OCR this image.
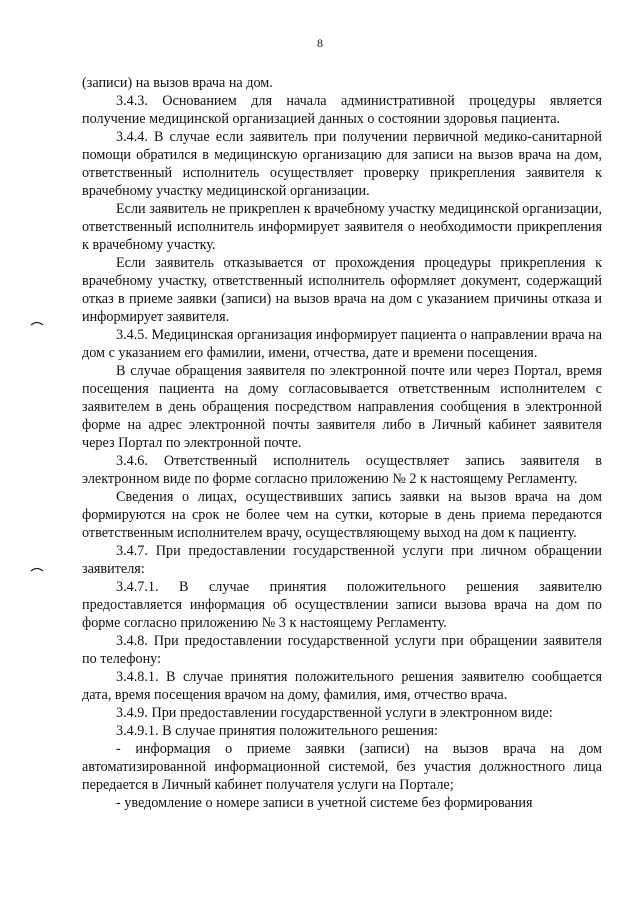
8

(записи) на вызов врача на дом.

3.4.3. Основанием для начала административной процедуры является получение медицинской организацией данных о состоянии здоровья пациента.

3.4.4. В случае если заявитель при получении первичной медико-санитарной помощи обратился в медицинскую организацию для записи на вызов врача на дом, ответственный исполнитель осуществляет проверку прикрепления заявителя к врачебному участку медицинской организации.

Если заявитель не прикреплен к врачебному участку медицинской организации, ответственный исполнитель информирует заявителя о необходимости прикрепления к врачебному участку.

Если заявитель отказывается от прохождения процедуры прикрепления к врачебному участку, ответственный исполнитель оформляет документ, содержащий отказ в приеме заявки (записи) на вызов врача на дом с указанием причины отказа и информирует заявителя.

3.4.5. Медицинская организация информирует пациента о направлении врача на дом с указанием его фамилии, имени, отчества, дате и времени посещения.

В случае обращения заявителя по электронной почте или через Портал, время посещения пациента на дому согласовывается ответственным исполнителем с заявителем в день обращения посредством направления сообщения в электронной форме на адрес электронной почты заявителя либо в Личный кабинет заявителя через Портал по электронной почте.

3.4.6. Ответственный исполнитель осуществляет запись заявителя в электронном виде по форме согласно приложению № 2 к настоящему Регламенту.

Сведения о лицах, осуществивших запись заявки на вызов врача на дом формируются на срок не более чем на сутки, которые в день приема передаются ответственным исполнителем врачу, осуществляющему выход на дом к пациенту.

3.4.7. При предоставлении государственной услуги при личном обращении заявителя:

3.4.7.1. В случае принятия положительного решения заявителю предоставляется информация об осуществлении записи вызова врача на дом по форме согласно приложению № 3 к настоящему Регламенту.

3.4.8. При предоставлении государственной услуги при обращении заявителя по телефону:

3.4.8.1. В случае принятия положительного решения заявителю сообщается дата, время посещения врачом на дому, фамилия, имя, отчество врача.

3.4.9. При предоставлении государственной услуги в электронном виде:

3.4.9.1. В случае принятия положительного решения:

- информация о приеме заявки (записи) на вызов врача на дом автоматизированной информационной системой, без участия должностного лица передается в Личный кабинет получателя услуги на Портале;

- уведомление о номере записи в учетной системе без формирования
